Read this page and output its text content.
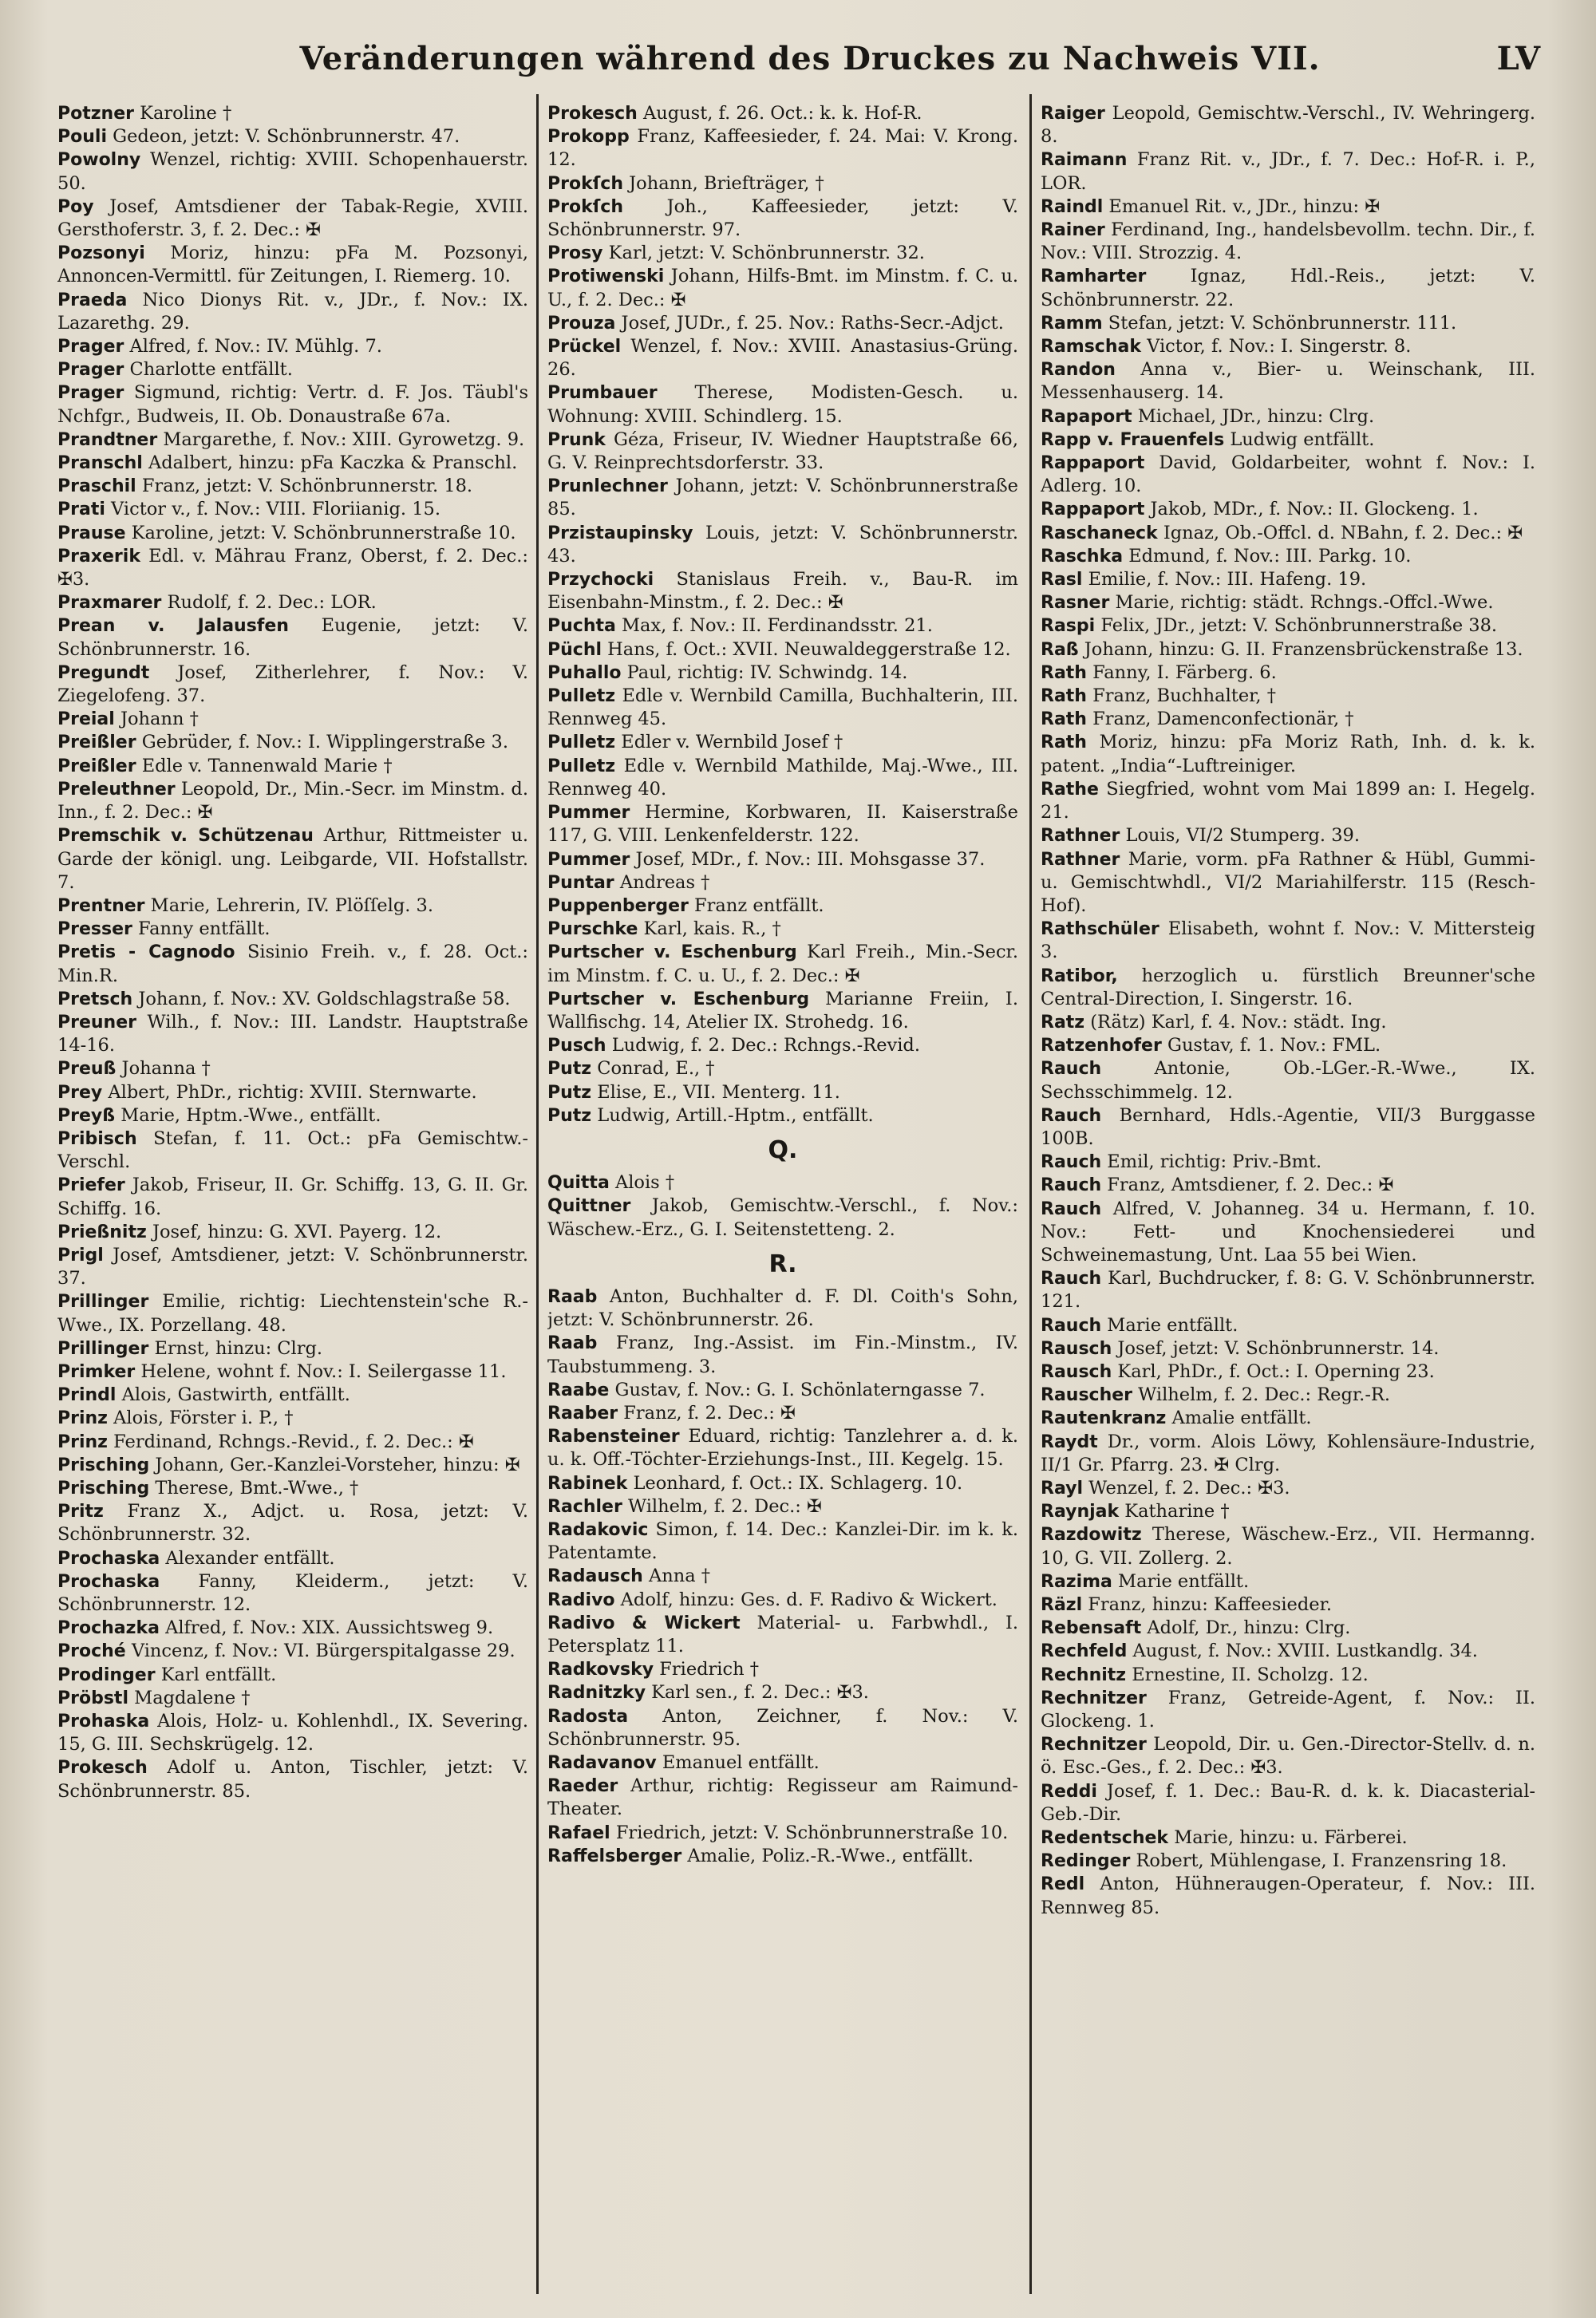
Veränderungen während des Druckes zu Nachweis VII.	LV
Potzner Karoline †
Pouli Gedeon, jetzt: V. Schönbrunnerstr. 47.
Powolny Wenzel, richtig: XVIII. Schopenhauerstr. 50.
Poy Josef, Amtsdiener der Tabak-Regie, XVIII. Gersthoferstr. 3, f. 2. Dec.: ✠
Pozsonyi Moriz, hinzu: pFa M. Pozsonyi, Annoncen-Vermittl. für Zeitungen, I. Riemerg. 10.
Praeda Nico Dionys Rit. v., JDr., f. Nov.: IX. Lazarethg. 29.
Prager Alfred, f. Nov.: IV. Mühlg. 7.
Prager Charlotte entfällt.
Prager Sigmund, richtig: Vertr. d. F. Jos. Täubl's Nchfgr., Budweis, II. Ob. Donaustraße 67a.
Prandtner Margarethe, f. Nov.: XIII. Gyrowetzg. 9.
Pranschl Adalbert, hinzu: pFa Kaczka & Pranschl.
Praschil Franz, jetzt: V. Schönbrunnerstr. 18.
Prati Victor v., f. Nov.: VIII. Floriianig. 15.
Prause Karoline, jetzt: V. Schönbrunnerstraße 10.
Praxerik Edl. v. Mährau Franz, Oberst, f. 2. Dec.: ✠3.
Praxmarer Rudolf, f. 2. Dec.: LOR.
Prean v. Jalausfen Eugenie, jetzt: V. Schönbrunnerstr. 16.
Pregundt Josef, Zitherlehrer, f. Nov.: V. Ziegelofeng. 37.
Preial Johann †
Preißler Gebrüder, f. Nov.: I. Wipplingerstraße 3.
Preißler Edle v. Tannenwald Marie †
Preleuthner Leopold, Dr., Min.-Secr. im Minstm. d. Inn., f. 2. Dec.: ✠
Premschik v. Schützenau Arthur, Rittmeister u. Garde der königl. ung. Leibgarde, VII. Hofstallstr. 7.
Prentner Marie, Lehrerin, IV. Plöſſelg. 3.
Presser Fanny entfällt.
Pretis - Cagnodo Sisinio Freih. v., f. 28. Oct.: Min.R.
Pretsch Johann, f. Nov.: XV. Goldschlagstraße 58.
Preuner Wilh., f. Nov.: III. Landstr. Hauptstraße 14-16.
Preuß Johanna †
Prey Albert, PhDr., richtig: XVIII. Sternwarte.
Preyß Marie, Hptm.-Wwe., entfällt.
Pribisch Stefan, f. 11. Oct.: pFa Gemischtw.-Verschl.
Priefer Jakob, Friseur, II. Gr. Schiffg. 13, G. II. Gr. Schiffg. 16.
Prießnitz Josef, hinzu: G. XVI. Payerg. 12.
Prigl Josef, Amtsdiener, jetzt: V. Schönbrunnerstr. 37.
Prillinger Emilie, richtig: Liechtenstein'sche R.-Wwe., IX. Porzellang. 48.
Prillinger Ernst, hinzu: Clrg.
Primker Helene, wohnt f. Nov.: I. Seilergasse 11.
Prindl Alois, Gastwirth, entfällt.
Prinz Alois, Förster i. P., †
Prinz Ferdinand, Rchngs.-Revid., f. 2. Dec.: ✠
Prisching Johann, Ger.-Kanzlei-Vorsteher, hinzu: ✠
Prisching Therese, Bmt.-Wwe., †
Pritz Franz X., Adjct. u. Rosa, jetzt: V. Schönbrunnerstr. 32.
Prochaska Alexander entfällt.
Prochaska Fanny, Kleiderm., jetzt: V. Schönbrunnerstr. 12.
Prochazka Alfred, f. Nov.: XIX. Aussichtsweg 9.
Proché Vincenz, f. Nov.: VI. Bürgerspitalgasse 29.
Prodinger Karl entfällt.
Pröbstl Magdalene †
Prohaska Alois, Holz- u. Kohlenhdl., IX. Severing. 15, G. III. Sechskrügelg. 12.
Prokesch Adolf u. Anton, Tischler, jetzt: V. Schönbrunnerstr. 85.
Prokesch August, f. 26. Oct.: k. k. Hof-R.
Prokopp Franz, Kaffeesieder, f. 24. Mai: V. Krong. 12.
Prokſch Johann, Briefträger, †
Prokſch Joh., Kaffeesieder, jetzt: V. Schönbrunnerstr. 97.
Prosy Karl, jetzt: V. Schönbrunnerstr. 32.
Protiwenski Johann, Hilfs-Bmt. im Minstm. f. C. u. U., f. 2. Dec.: ✠
Prouza Josef, JUDr., f. 25. Nov.: Raths-Secr.-Adjct.
Prückel Wenzel, f. Nov.: XVIII. Anastasius-Grüng. 26.
Prumbauer Therese, Modisten-Gesch. u. Wohnung: XVIII. Schindlerg. 15.
Prunk Géza, Friseur, IV. Wiedner Hauptstraße 66, G. V. Reinprechtsdorferstr. 33.
Prunlechner Johann, jetzt: V. Schönbrunnerstraße 85.
Przistaupinsky Louis, jetzt: V. Schönbrunnerstr. 43.
Przychocki Stanislaus Freih. v., Bau-R. im Eisenbahn-Minstm., f. 2. Dec.: ✠
Puchta Max, f. Nov.: II. Ferdinandsstr. 21.
Püchl Hans, f. Oct.: XVII. Neuwaldeggerstraße 12.
Puhallo Paul, richtig: IV. Schwindg. 14.
Pulletz Edle v. Wernbild Camilla, Buchhalterin, III. Rennweg 45.
Pulletz Edler v. Wernbild Josef †
Pulletz Edle v. Wernbild Mathilde, Maj.-Wwe., III. Rennweg 40.
Pummer Hermine, Korbwaren, II. Kaiserstraße 117, G. VIII. Lenkenfelderstr. 122.
Pummer Josef, MDr., f. Nov.: III. Mohsgasse 37.
Puntar Andreas †
Puppenberger Franz entfällt.
Purschke Karl, kais. R., †
Purtscher v. Eschenburg Karl Freih., Min.-Secr. im Minstm. f. C. u. U., f. 2. Dec.: ✠
Purtscher v. Eschenburg Marianne Freiin, I. Wallfischg. 14, Atelier IX. Strohedg. 16.
Pusch Ludwig, f. 2. Dec.: Rchngs.-Revid.
Putz Conrad, E., †
Putz Elise, E., VII. Menterg. 11.
Putz Ludwig, Artill.-Hptm., entfällt.
Q.
Quitta Alois †
Quittner Jakob, Gemischtw.-Verschl., f. Nov.: Wäschew.-Erz., G. I. Seitenstetteng. 2.
R.
Raab Anton, Buchhalter d. F. Dl. Coith's Sohn, jetzt: V. Schönbrunnerstr. 26.
Raab Franz, Ing.-Assist. im Fin.-Minstm., IV. Taubstummeng. 3.
Raabe Gustav, f. Nov.: G. I. Schönlaterngasse 7.
Raaber Franz, f. 2. Dec.: ✠
Rabensteiner Eduard, richtig: Tanzlehrer a. d. k. u. k. Off.-Töchter-Erziehungs-Inst., III. Kegelg. 15.
Rabinek Leonhard, f. Oct.: IX. Schlagerg. 10.
Rachler Wilhelm, f. 2. Dec.: ✠
Radakovic Simon, f. 14. Dec.: Kanzlei-Dir. im k. k. Patentamte.
Radausch Anna †
Radivo Adolf, hinzu: Ges. d. F. Radivo & Wickert.
Radivo & Wickert Material- u. Farbwhdl., I. Petersplatz 11.
Radkovsky Friedrich †
Radnitzky Karl sen., f. 2. Dec.: ✠3.
Radosta Anton, Zeichner, f. Nov.: V. Schönbrunnerstr. 95.
Radavanov Emanuel entfällt.
Raeder Arthur, richtig: Regisseur am Raimund-Theater.
Rafael Friedrich, jetzt: V. Schönbrunnerstraße 10.
Raffelsberger Amalie, Poliz.-R.-Wwe., entfällt.
Raiger Leopold, Gemischtw.-Verschl., IV. Wehringerg. 8.
Raimann Franz Rit. v., JDr., f. 7. Dec.: Hof-R. i. P., LOR.
Raindl Emanuel Rit. v., JDr., hinzu: ✠
Rainer Ferdinand, Ing., handelsbevollm. techn. Dir., f. Nov.: VIII. Strozzig. 4.
Ramharter Ignaz, Hdl.-Reis., jetzt: V. Schönbrunnerstr. 22.
Ramm Stefan, jetzt: V. Schönbrunnerstr. 111.
Ramschak Victor, f. Nov.: I. Singerstr. 8.
Randon Anna v., Bier- u. Weinschank, III. Messenhauserg. 14.
Rapaport Michael, JDr., hinzu: Clrg.
Rapp v. Frauenfels Ludwig entfällt.
Rappaport David, Goldarbeiter, wohnt f. Nov.: I. Adlerg. 10.
Rappaport Jakob, MDr., f. Nov.: II. Glockeng. 1.
Raschaneck Ignaz, Ob.-Offcl. d. NBahn, f. 2. Dec.: ✠
Raschka Edmund, f. Nov.: III. Parkg. 10.
Rasl Emilie, f. Nov.: III. Hafeng. 19.
Rasner Marie, richtig: städt. Rchngs.-Offcl.-Wwe.
Raspi Felix, JDr., jetzt: V. Schönbrunnerstraße 38.
Raß Johann, hinzu: G. II. Franzensbrückenstraße 13.
Rath Fanny, I. Färberg. 6.
Rath Franz, Buchhalter, †
Rath Franz, Damenconfectionär, †
Rath Moriz, hinzu: pFa Moriz Rath, Inh. d. k. k. patent. „India“-Luftreiniger.
Rathe Siegfried, wohnt vom Mai 1899 an: I. Hegelg. 21.
Rathner Louis, VI/2 Stumperg. 39.
Rathner Marie, vorm. pFa Rathner & Hübl, Gummi- u. Gemischtwhdl., VI/2 Mariahilferstr. 115 (Resch-Hof).
Rathschüler Elisabeth, wohnt f. Nov.: V. Mittersteig 3.
Ratibor, herzoglich u. fürstlich Breunner'sche Central-Direction, I. Singerstr. 16.
Ratz (Rätz) Karl, f. 4. Nov.: städt. Ing.
Ratzenhofer Gustav, f. 1. Nov.: FML.
Rauch Antonie, Ob.-LGer.-R.-Wwe., IX. Sechsschimmelg. 12.
Rauch Bernhard, Hdls.-Agentie, VII/3 Burggasse 100B.
Rauch Emil, richtig: Priv.-Bmt.
Rauch Franz, Amtsdiener, f. 2. Dec.: ✠
Rauch Alfred, V. Johanneg. 34 u. Hermann, f. 10. Nov.: Fett- und Knochensiederei und Schweinemastung, Unt. Laa 55 bei Wien.
Rauch Karl, Buchdrucker, f. 8: G. V. Schönbrunnerstr. 121.
Rauch Marie entfällt.
Rausch Josef, jetzt: V. Schönbrunnerstr. 14.
Rausch Karl, PhDr., f. Oct.: I. Operning 23.
Rauscher Wilhelm, f. 2. Dec.: Regr.-R.
Rautenkranz Amalie entfällt.
Raydt Dr., vorm. Alois Löwy, Kohlensäure-Industrie, II/1 Gr. Pfarrg. 23. ✠ Clrg.
Rayl Wenzel, f. 2. Dec.: ✠3.
Raynjak Katharine †
Razdowitz Therese, Wäschew.-Erz., VII. Hermanng. 10, G. VII. Zollerg. 2.
Razima Marie entfällt.
Räzl Franz, hinzu: Kaffeesieder.
Rebensaft Adolf, Dr., hinzu: Clrg.
Rechfeld August, f. Nov.: XVIII. Lustkandlg. 34.
Rechnitz Ernestine, II. Scholzg. 12.
Rechnitzer Franz, Getreide-Agent, f. Nov.: II. Glockeng. 1.
Rechnitzer Leopold, Dir. u. Gen.-Director-Stellv. d. n. ö. Esc.-Ges., f. 2. Dec.: ✠3.
Reddi Josef, f. 1. Dec.: Bau-R. d. k. k. Diacasterial-Geb.-Dir.
Redentschek Marie, hinzu: u. Färberei.
Redinger Robert, Mühlengase, I. Franzensring 18.
Redl Anton, Hühneraugen-Operateur, f. Nov.: III. Rennweg 85.
